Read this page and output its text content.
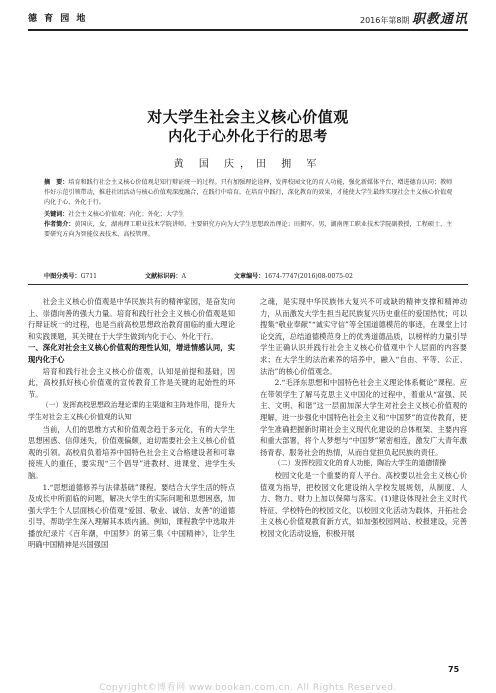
德 育 园 地	2016年第8期 职教通讯
对大学生社会主义核心价值观
内化于心外化于行的思考
黄 国 庆，田 拥 军
摘　要：培育和践行社会主义核心价值观是知行辩证统一的过程。只有加强理论诠释，发挥校园文化的育人功能，强化新媒体平台，增进德育认同；教师作好示范引领带动，推进社团活动与核心价值观深度融合，在践行中培育，在培育中践行，深化教育的效果，才能使大学生最终实现社会主义核心价值观内化于心、外化于行。
关键词：社会主义核心价值观；内化；外化；大学生
作者简介：黄国庆，女，湖南理工职业技术学院讲师，主要研究方向为大学生思想政治理论；田拥军，男，湖南理工职业技术学院副教授，工程硕士，主要研究方向为智能仪表技术、高校管理。
中图分类号：G711	文献标识码：A	文章编号：1674-7747(2016)08-0075-02

社会主义核心价值观是中华民族共有的精神家园，是奋发向上、崇德向善的强大力量。培育和践行社会主义核心价值观是知行辩证统一的过程，也是当前高校思想政治教育面临的重大理论和实践课题，其关键在于大学生做到内化于心、外化于行。

一、深化对社会主义核心价值观的理性认知，增进情感认同，实现内化于心

培育和践行社会主义核心价值观，认知是前提和基础，因此，高校抓好核心价值观的宣传教育工作是关键的起始性的环节。

（一）发挥高校思想政治理论课的主渠道和主阵地作用，提升大学生对社会主义核心价值观的认知

当前，人们的思维方式和价值观念趋于多元化，有的大学生思想困惑、信仰迷失，价值观偏颇，迫切需要社会主义核心价值观的引领。高校肩负着培养中国特色社会主义合格建设者和可靠接班人的重任，要实现“三个倡导”进教材、进课堂、进学生头脑。

1.“思想道德修养与法律基础”课程。要结合大学生活的特点及成长中所面临的问题，解决大学生的实际问题和思想困惑，加强大学生个人层面核心价值观“爱国、敬业、诚信、友善”的道德引导，帮助学生深入理解其本质内涵。例如，课程教学中选取并播放纪录片《百年潮，中国梦》的第三集《中国精神》，让学生明确中国精神是兴国强国

之魂，是实现中华民族伟大复兴不可或缺的精神支撑和精神动力，从而激发大学生担当起民族复兴历史重任的爱国热忱；可以搜集“敬业奉献”“诚实守信”等全国道德模范的事迹，在课堂上讨论交流，总结道德模范身上的优秀道德品质，以榜样的力量引导学生正确认识并践行社会主义核心价值观中个人层面的内容要求；在大学生的法治素养的培养中，融入“自由、平等、公正、法治”的核心价值观念。

2.“毛泽东思想和中国特色社会主义理论体系概论”课程。应在带领学生了解马克思主义中国化的过程中，着重从“富强、民主、文明、和谐”这一层面加深大学生对社会主义核心价值观的理解，进一步强化中国特色社会主义和“中国梦”的宣传教育，使学生准确把握新时期社会主义现代化建设的总体框架、主要内容和重大部署，将个人梦想与“中国梦”紧密相连，激发广大青年激扬青春、服务社会的热情，从而自觉担负起民族的责任。

（二）发挥校园文化的育人功能，陶冶大学生的道德情操

校园文化是一个重要的育人平台。高校要以社会主义核心价值观为指导，把校园文化建设纳入学校发展规划，从制度、人力、物力、财力上加以保障与落实。(1)建设体现社会主义时代特征、学校特色的校园文化，以校园文化活动为载体，开拓社会主义核心价值观教育新方式，如加强校园网站、校报建设，完善校园文化活动设施，积极开展

75
Copyright©博看网 www.bookan.com.cn. All Rights Reserved.
